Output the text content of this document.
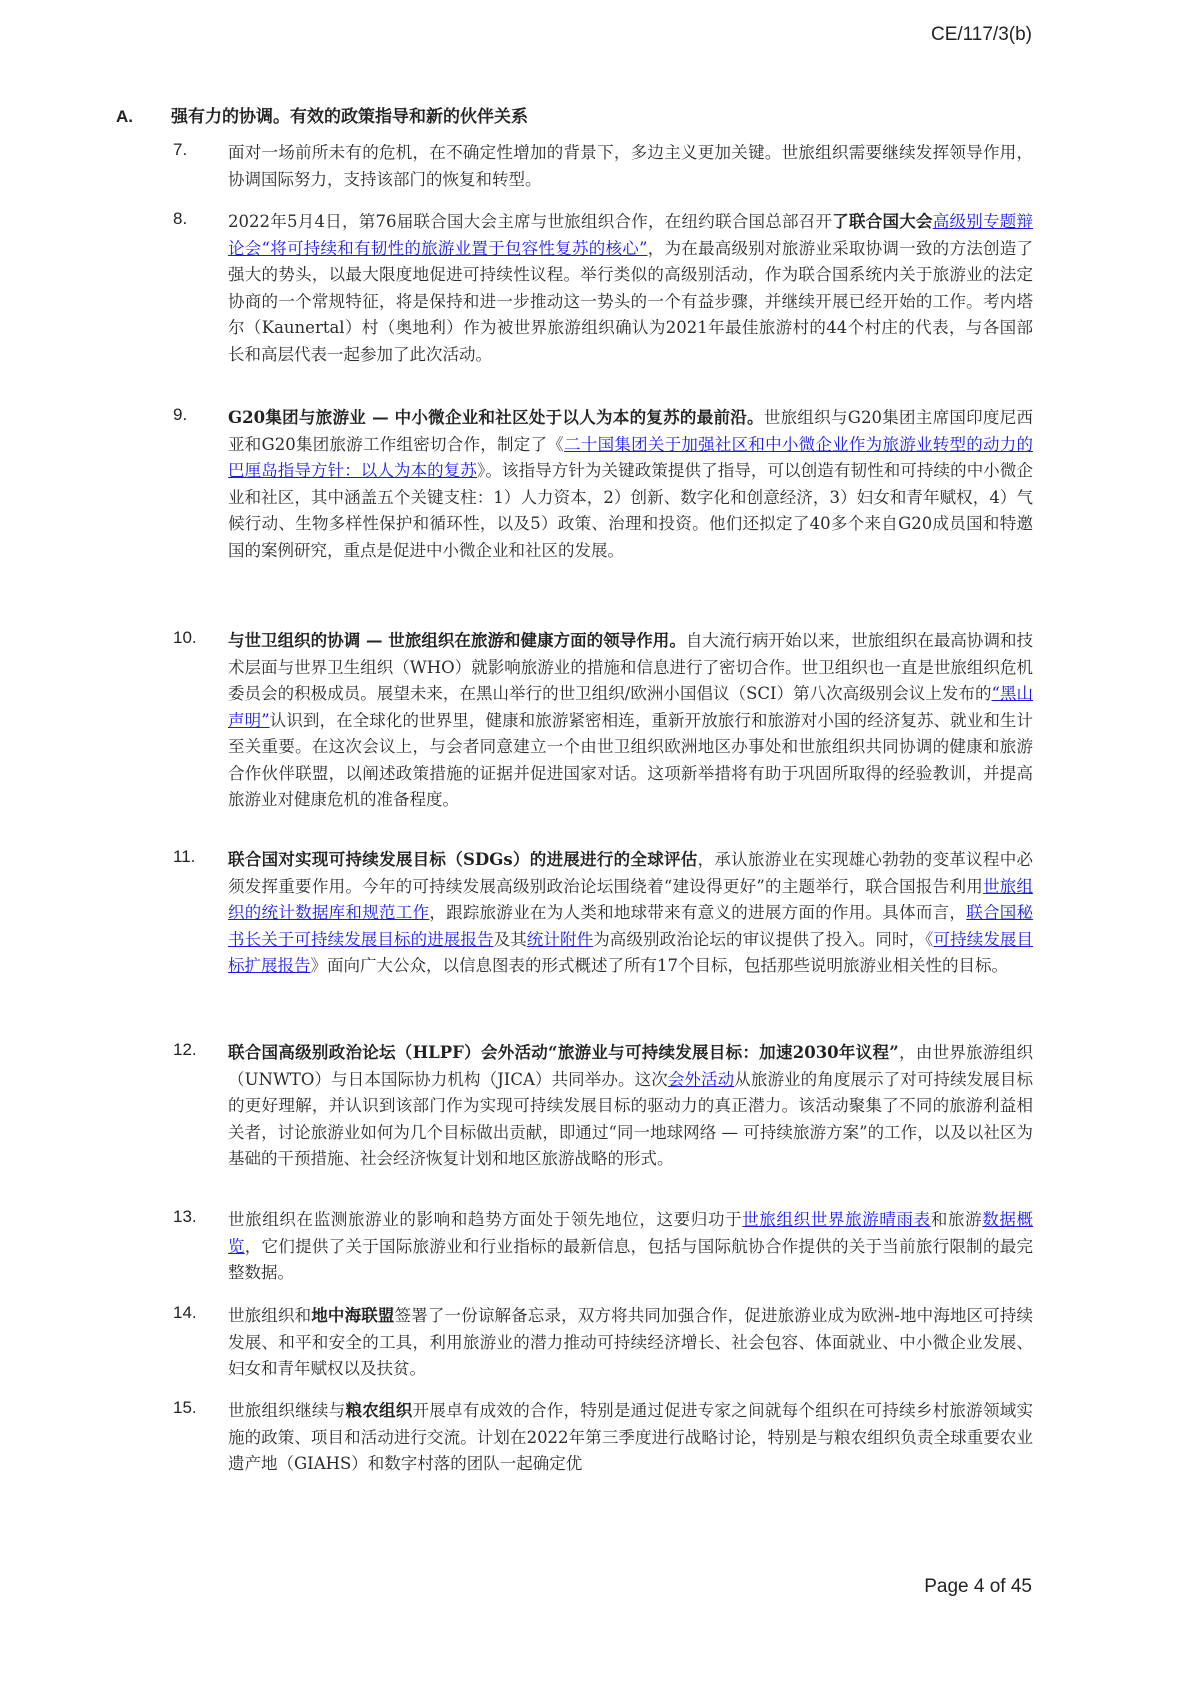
CE/117/3(b)
A. 强有力的协调。有效的政策指导和新的伙伴关系
7.	面对一场前所未有的危机，在不确定性增加的背景下，多边主义更加关键。世旅组织需要继续发挥领导作用，协调国际努力，支持该部门的恢复和转型。
8.	2022年5月4日，第76届联合国大会主席与世旅组织合作，在纽约联合国总部召开了联合国大会高级别专题辩论会“将可持续和有韧性的旅游业置于包容性复苏的核心”，为在最高级别对旅游业采取协调一致的方法创造了强大的势头，以最大限度地促进可持续性议程。举行类似的高级别活动，作为联合国系统内关于旅游业的法定协商的一个常规特征，将是保持和进一步推动这一势头的一个有益步骤，并继续开展已经开始的工作。考内塔尔（Kaunertal）村（奥地利）作为被世界旅游组织确认为2021年最佳旅游村的44个村庄的代表，与各国部长和高层代表一起参加了此次活动。
9.	G20集团与旅游业 — 中小微企业和社区处于以人为本的复苏的最前沿。世旅组织与G20集团主席国印度尼西亚和G20集团旅游工作组密切合作，制定了《二十国集团关于加强社区和中小微企业作为旅游业转型的动力的巴厘岛指导方针：以人为本的复苏》。该指导方针为关键政策提供了指导，可以创造有韧性和可持续的中小微企业和社区，其中涵盖五个关键支柱：1）人力资本，2）创新、数字化和创意经济，3）妇女和青年赋权，4）气候行动、生物多样性保护和循环性，以及5）政策、治理和投资。他们还拟定了40多个来自G20成员国和特邀国的案例研究，重点是促进中小微企业和社区的发展。
10.	与世卫组织的协调 — 世旅组织在旅游和健康方面的领导作用。自大流行病开始以来，世旅组织在最高协调和技术层面与世界卫生组织（WHO）就影响旅游业的措施和信息进行了密切合作。世卫组织也一直是世旅组织危机委员会的积极成员。展望未来，在黑山举行的世卫组织/欧洲小国倡议（SCI）第八次高级别会议上发布的“黑山声明”认识到，在全球化的世界里，健康和旅游紧密相连，重新开放旅行和旅游对小国的经济复苏、就业和生计至关重要。在这次会议上，与会者同意建立一个由世卫组织欧洲地区办事处和世旅组织共同协调的健康和旅游合作伙伴联盟，以阐述政策措施的证据并促进国家对话。这项新举措将有助于巩固所取得的经验教训，并提高旅游业对健康危机的准备程度。
11.	联合国对实现可持续发展目标（SDGs）的进展进行的全球评估，承认旅游业在实现雄心勃勃的变革议程中必须发挥重要作用。今年的可持续发展高级别政治论坛围绕着“建设得更好”的主题举行，联合国报告利用世旅组织的统计数据库和规范工作，跟踪旅游业在为人类和地球带来有意义的进展方面的作用。具体而言，联合国秘书长关于可持续发展目标的进展报告及其统计附件为高级别政治论坛的审议提供了投入。同时，《可持续发展目标扩展报告》面向广大公众，以信息图表的形式概述了所有17个目标，包括那些说明旅游业相关性的目标。
12.	联合国高级别政治论坛（HLPF）会外活动“旅游业与可持续发展目标：加速2030年议程”，由世界旅游组织（UNWTO）与日本国际协力机构（JICA）共同举办。这次会外活动从旅游业的角度展示了对可持续发展目标的更好理解，并认识到该部门作为实现可持续发展目标的驱动力的真正潜力。该活动聚集了不同的旅游利益相关者，讨论旅游业如何为几个目标做出贡献，即通过“同一地球网络 — 可持续旅游方案”的工作，以及以社区为基础的干预措施、社会经济恢复计划和地区旅游战略的形式。
13.	世旅组织在监测旅游业的影响和趋势方面处于领先地位，这要归功于世旅组织世界旅游晴雨表和旅游数据概览，它们提供了关于国际旅游业和行业指标的最新信息，包括与国际航协合作提供的关于当前旅行限制的最完整数据。
14.	世旅组织和地中海联盟签署了一份谅解备忘录，双方将共同加强合作，促进旅游业成为欧洲-地中海地区可持续发展、和平和安全的工具，利用旅游业的潜力推动可持续经济增长、社会包容、体面就业、中小微企业发展、妇女和青年赋权以及扶贫。
15.	世旅组织继续与粮农组织开展卓有成效的合作，特别是通过促进专家之间就每个组织在可持续乡村旅游领域实施的政策、项目和活动进行交流。计划在2022年第三季度进行战略讨论，特别是与粮农组织负责全球重要农业遗产地（GIAHS）和数字村落的团队一起确定优
Page 4 of 45
